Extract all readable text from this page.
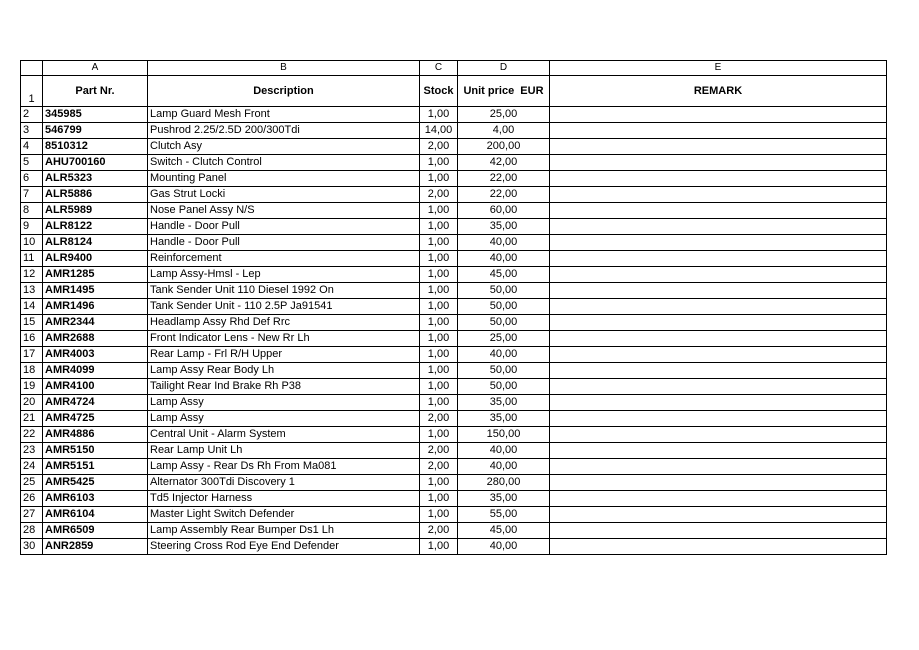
	A	B	C	D	E
1	Part Nr.	Description	Stock	Unit price  EUR	REMARK
2	345985	Lamp Guard Mesh Front	1,00	25,00	
3	546799	Pushrod 2.25/2.5D 200/300Tdi	14,00	4,00	
4	8510312	Clutch Asy	2,00	200,00	
5	AHU700160	Switch - Clutch Control	1,00	42,00	
6	ALR5323	Mounting Panel	1,00	22,00	
7	ALR5886	Gas Strut Locki	2,00	22,00	
8	ALR5989	Nose Panel Assy N/S	1,00	60,00	
9	ALR8122	Handle - Door Pull	1,00	35,00	
10	ALR8124	Handle - Door Pull	1,00	40,00	
11	ALR9400	Reinforcement	1,00	40,00	
12	AMR1285	Lamp Assy-Hmsl - Lep	1,00	45,00	
13	AMR1495	Tank Sender Unit 110 Diesel 1992 On	1,00	50,00	
14	AMR1496	Tank Sender Unit - 110 2.5P Ja91541	1,00	50,00	
15	AMR2344	Headlamp Assy Rhd Def Rrc	1,00	50,00	
16	AMR2688	Front Indicator Lens - New Rr Lh	1,00	25,00	
17	AMR4003	Rear Lamp - Frl R/H Upper	1,00	40,00	
18	AMR4099	Lamp Assy Rear Body Lh	1,00	50,00	
19	AMR4100	Tailight Rear Ind Brake Rh P38	1,00	50,00	
20	AMR4724	Lamp Assy	1,00	35,00	
21	AMR4725	Lamp Assy	2,00	35,00	
22	AMR4886	Central Unit - Alarm System	1,00	150,00	
23	AMR5150	Rear Lamp Unit Lh	2,00	40,00	
24	AMR5151	Lamp Assy - Rear Ds Rh From Ma081	2,00	40,00	
25	AMR5425	Alternator 300Tdi Discovery 1	1,00	280,00	
26	AMR6103	Td5 Injector Harness	1,00	35,00	
27	AMR6104	Master Light Switch Defender	1,00	55,00	
28	AMR6509	Lamp Assembly Rear Bumper Ds1 Lh	2,00	45,00	
30	ANR2859	Steering Cross Rod Eye End Defender	1,00	40,00	
